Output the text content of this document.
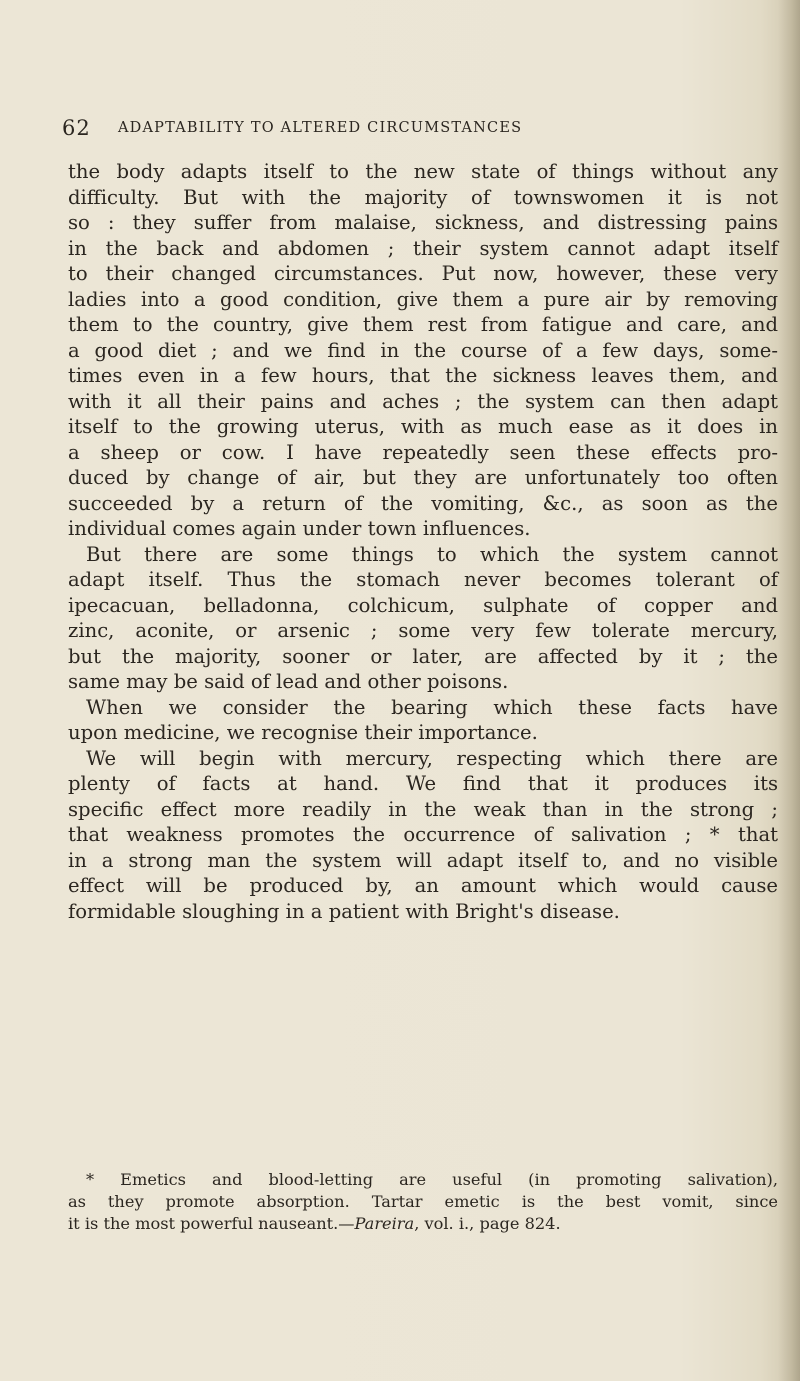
62 ADAPTABILITY TO ALTERED CIRCUMSTANCES
the body adapts itself to the new state of things without any
difficulty. But with the majority of townswomen it is not
so : they suffer from malaise, sickness, and distressing pains
in the back and abdomen ; their system cannot adapt itself
to their changed circumstances. Put now, however, these very
ladies into a good condition, give them a pure air by removing
them to the country, give them rest from fatigue and care, and
a good diet ; and we find in the course of a few days, some-
times even in a few hours, that the sickness leaves them, and
with it all their pains and aches ; the system can then adapt
itself to the growing uterus, with as much ease as it does in
a sheep or cow. I have repeatedly seen these effects pro-
duced by change of air, but they are unfortunately too often
succeeded by a return of the vomiting, &c., as soon as the
individual comes again under town influences.
But there are some things to which the system cannot
adapt itself. Thus the stomach never becomes tolerant of
ipecacuan, belladonna, colchicum, sulphate of copper and
zinc, aconite, or arsenic ; some very few tolerate mercury,
but the majority, sooner or later, are affected by it ; the
same may be said of lead and other poisons.
When we consider the bearing which these facts have
upon medicine, we recognise their importance.
We will begin with mercury, respecting which there are
plenty of facts at hand. We find that it produces its
specific effect more readily in the weak than in the strong ;
that weakness promotes the occurrence of salivation ; * that
in a strong man the system will adapt itself to, and no visible
effect will be produced by, an amount which would cause
formidable sloughing in a patient with Bright's disease.
* Emetics and blood-letting are useful (in promoting salivation),
as they promote absorption. Tartar emetic is the best vomit, since
it is the most powerful nauseant.—Pareira, vol. i., page 824.
